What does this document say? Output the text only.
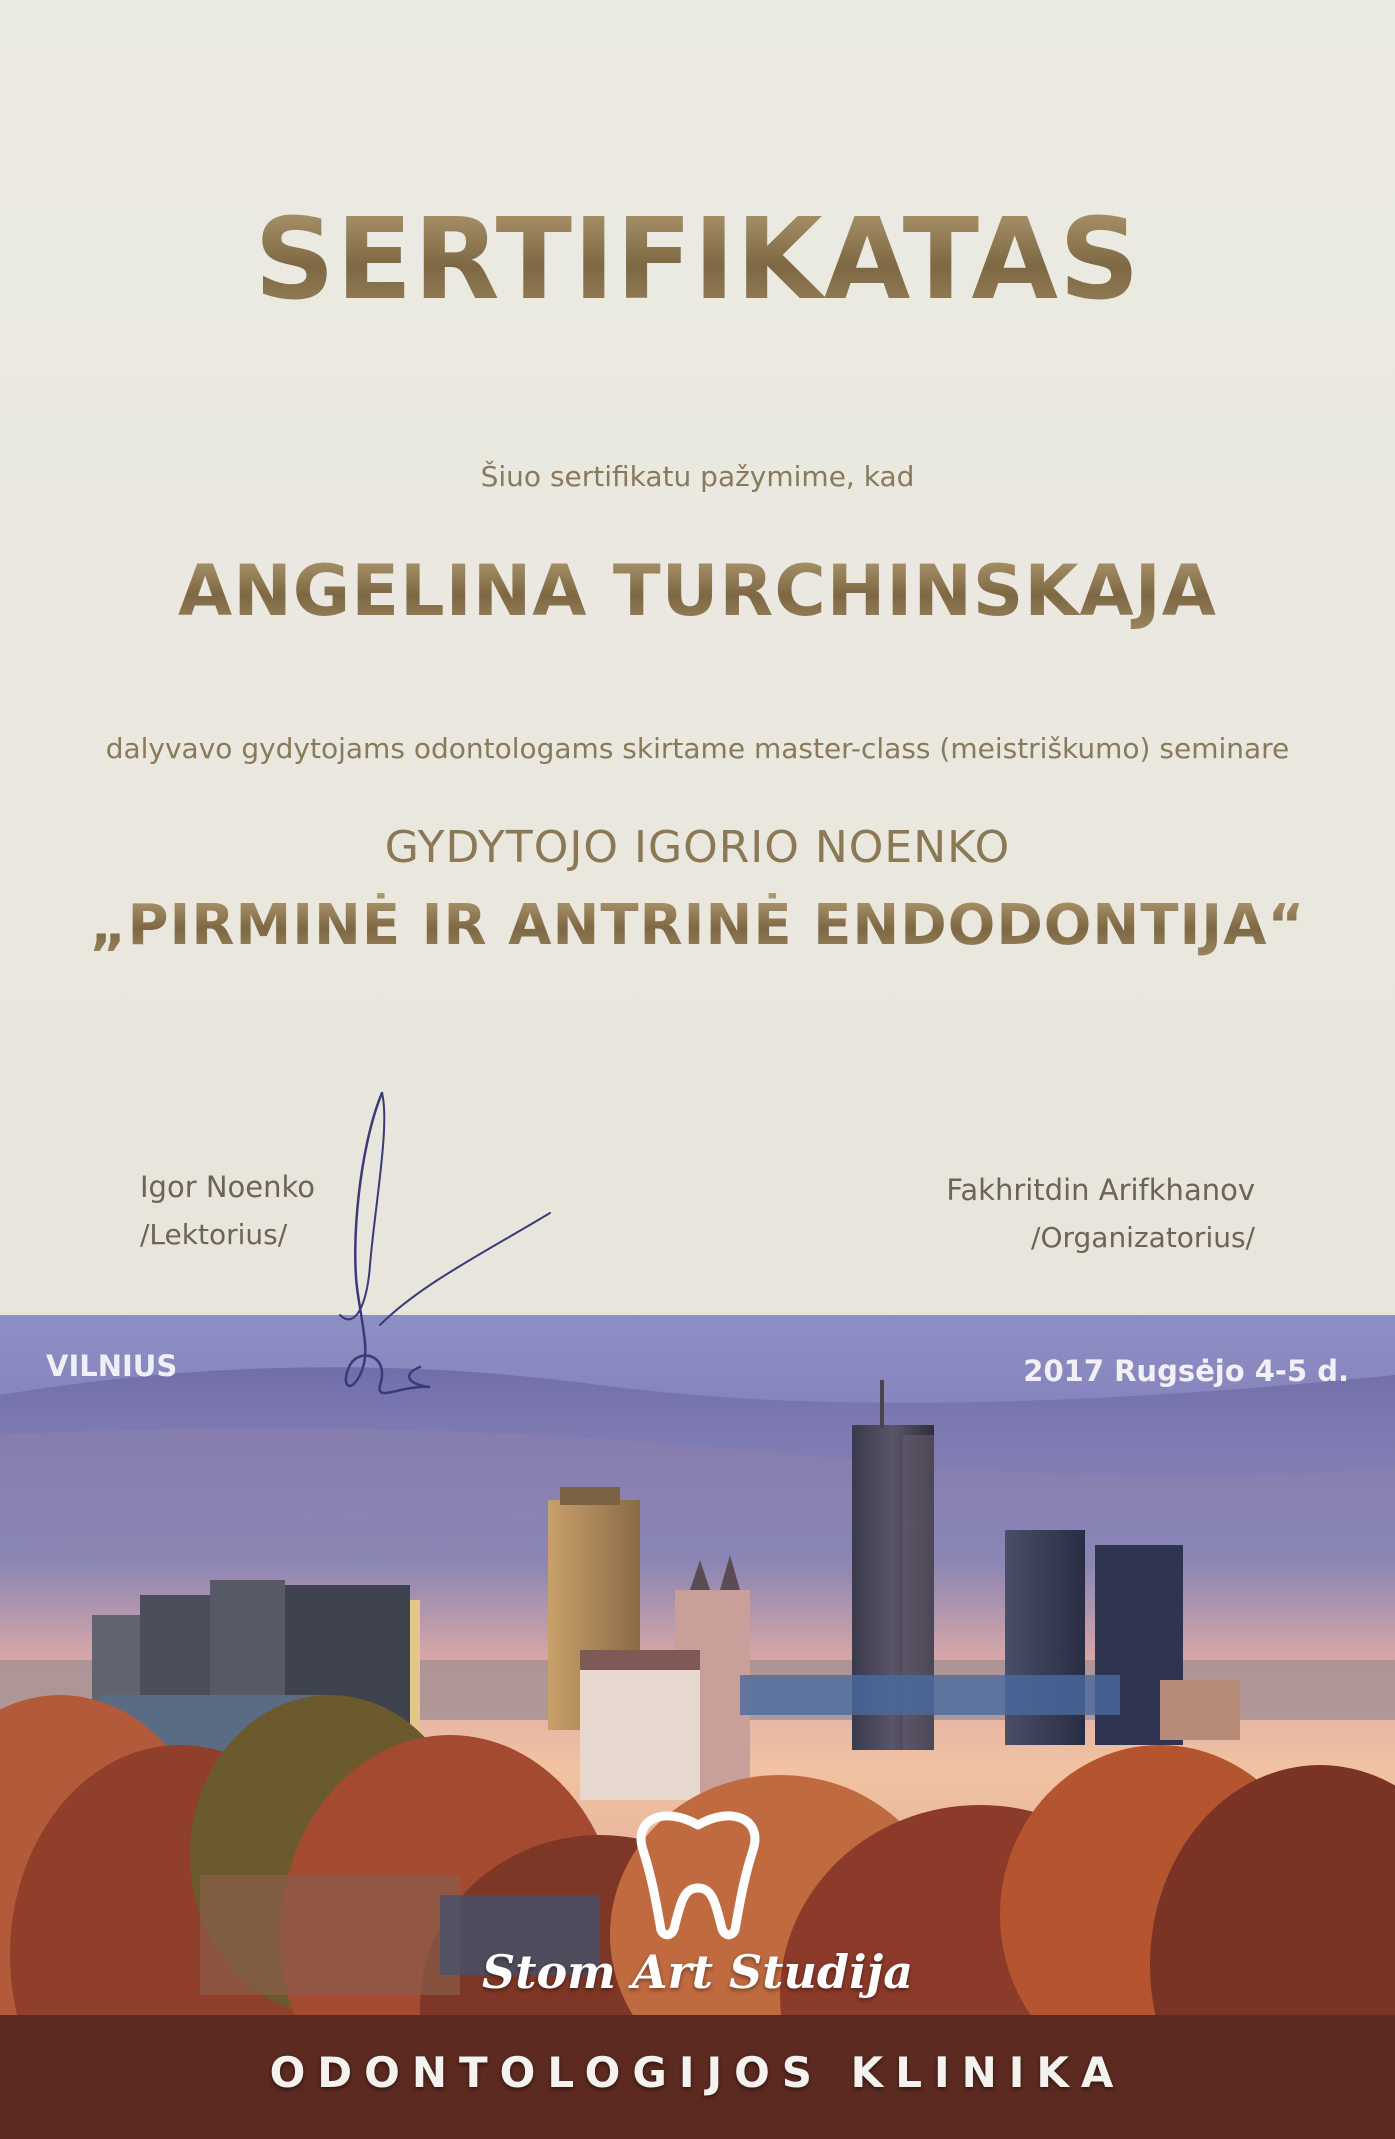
SERTIFIKATAS
Šiuo sertifikatu pažymime, kad
ANGELINA TURCHINSKAJA
dalyvavo gydytojams odontologams skirtame master-class (meistriškumo) seminare
GYDYTOJO IGORIO NOENKO
„PIRMINĖ IR ANTRINĖ ENDODONTIJA“
Igor Noenko
/Lektorius/
Fakhritdin Arifkhanov
/Organizatorius/
VILNIUS	2017 Rugsėjo 4-5 d.
Stom Art Studija
ODONTOLOGIJOS KLINIKA
